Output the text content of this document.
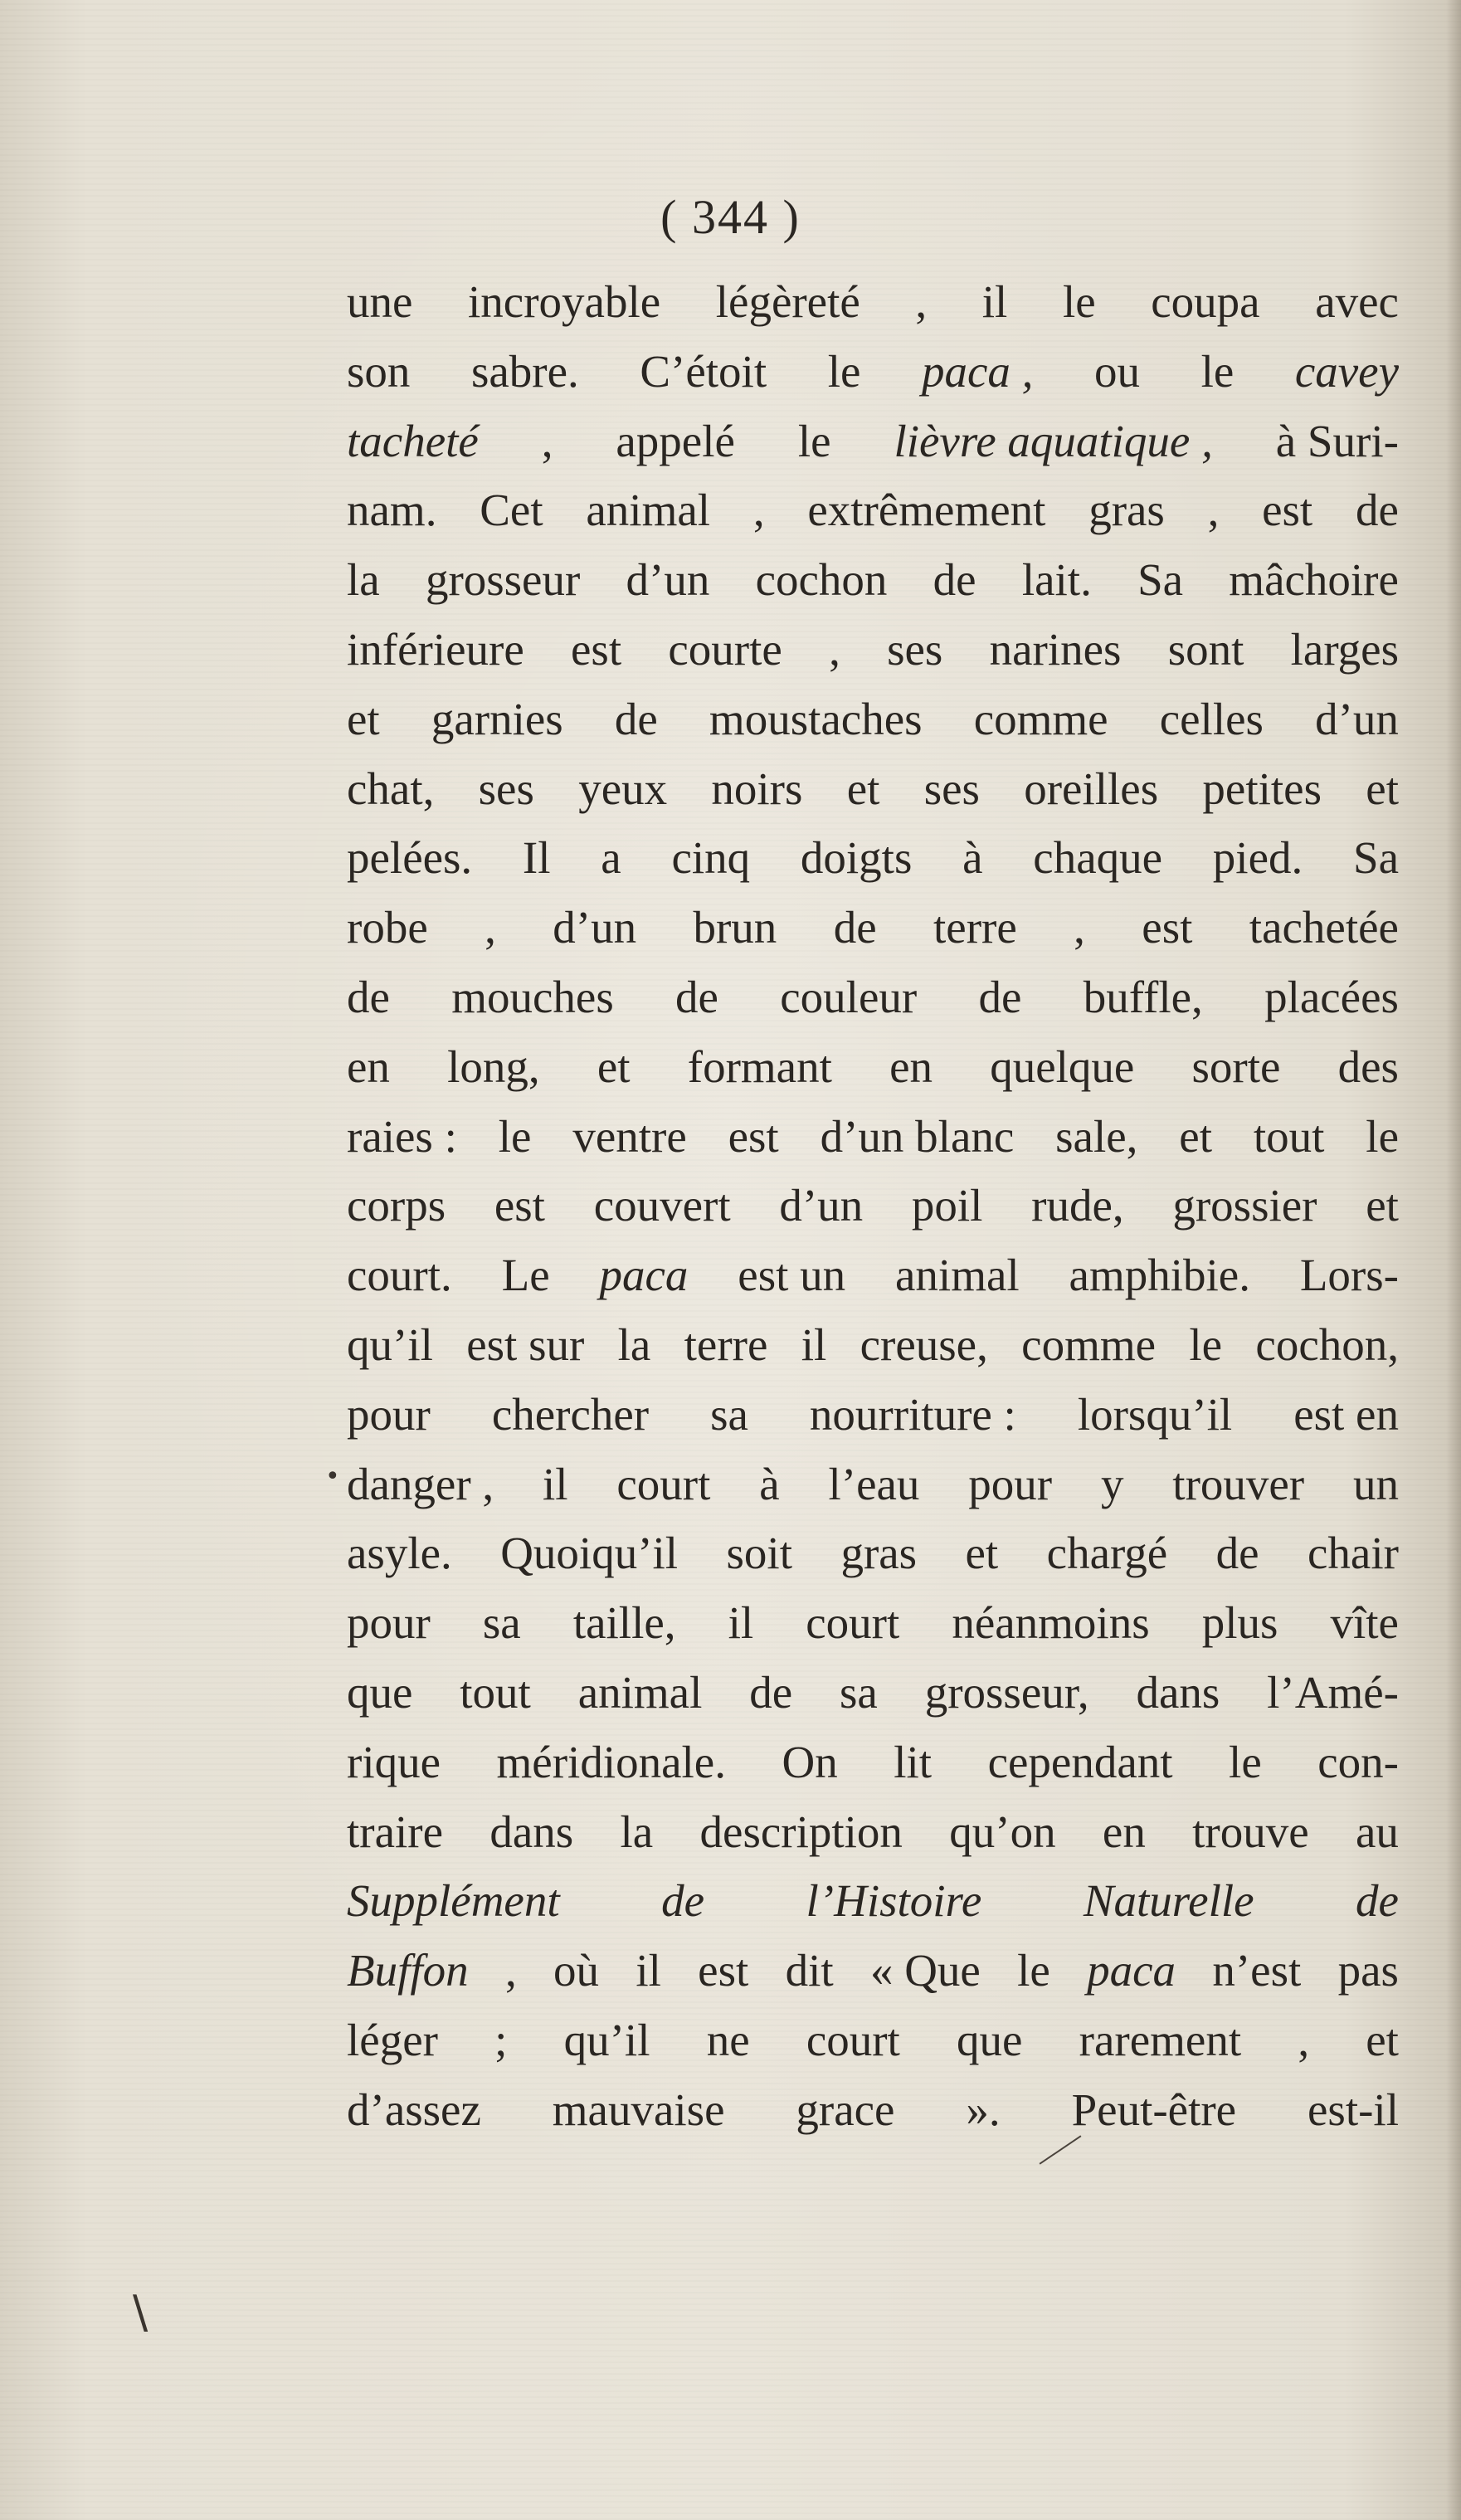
( 344 )
une incroyable légèreté , il le coupa avec
son sabre. C’étoit le paca , ou le cavey
tacheté , appelé le lièvre aquatique , à Suri-
nam. Cet animal , extrêmement gras , est de
la grosseur d’un cochon de lait. Sa mâchoire
inférieure est courte , ses narines sont larges
et garnies de moustaches comme celles d’un
chat, ses yeux noirs et ses oreilles petites et
pelées. Il a cinq doigts à chaque pied. Sa
robe , d’un brun de terre , est tachetée
de mouches de couleur de buffle, placées
en long, et formant en quelque sorte des
raies : le ventre est d’un blanc sale, et tout le
corps est couvert d’un poil rude, grossier et
court. Le paca est un animal amphibie. Lors-
qu’il est sur la terre il creuse, comme le cochon,
pour chercher sa nourriture : lorsqu’il est en
danger , il court à l’eau pour y trouver un
asyle. Quoiqu’il soit gras et chargé de chair
pour sa taille, il court néanmoins plus vîte
que tout animal de sa grosseur, dans l’Amé-
rique méridionale. On lit cependant le con-
traire dans la description qu’on en trouve au
Supplément de l’Histoire Naturelle de
Buffon , où il est dit « Que le paca n’est pas
léger ; qu’il ne court que rarement , et
d’assez mauvaise grace ». Peut-être est-il
•
\
